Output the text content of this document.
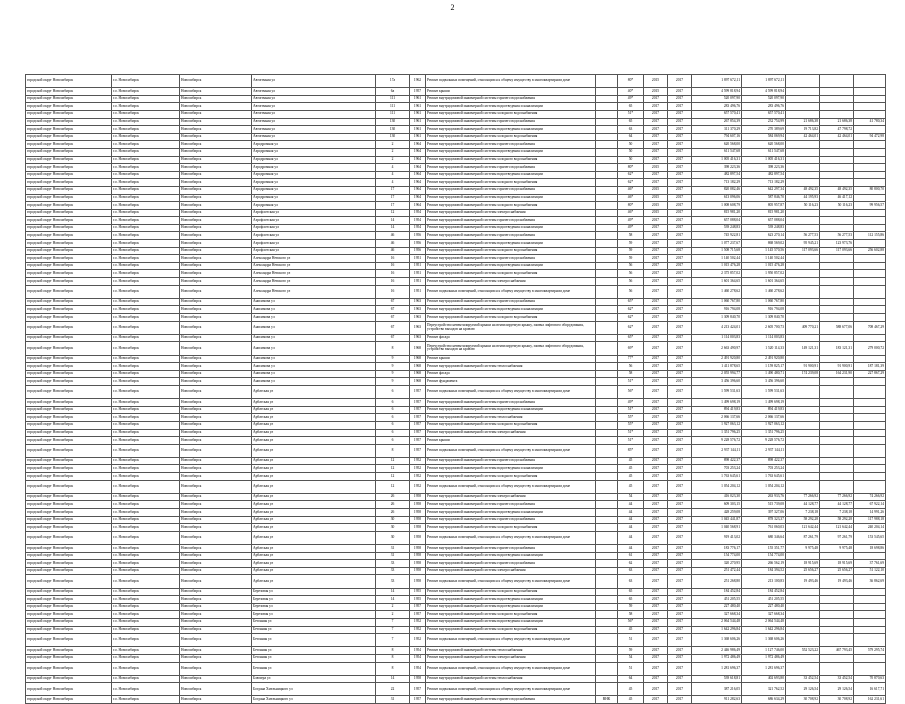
2
городской округ Новосибирск	г.о. Новосибирск	Новосибирск	Автогенная ул	17а	1962	Ремонт подвальных помещений, относящихся к общему имуществу в многоквартирном доме		80*	2015	2017	1 897 672,11	1 897 672,11			
городской округ Новосибирск	г.о. Новосибирск	Новосибирск	Автогенная ул	6а	1957	Ремонт крыши		40*	2015	2017	4 599 818,94	4 599 818,94			
городской округ Новосибирск	г.о. Новосибирск	Новосибирск	Автогенная ул	111	1961	Ремонт внутридомовой инженерной системы горячего водоснабжения		49*	2017	2017	520 097,90	520 097,90			
городской округ Новосибирск	г.о. Новосибирск	Новосибирск	Автогенная ул	111	1961	Ремонт внутридомовой инженерной системы водоотведения и канализации		65	2017	2017	283 496,76	283 496,76			
городской округ Новосибирск	г.о. Новосибирск	Новосибирск	Автогенная ул	111	1961	Ремонт внутридомовой инженерной системы холодного водоснабжения		51*	2017	2017	657 570,41	657 570,41			
городской округ Новосибирск	г.о. Новосибирск	Новосибирск	Автогенная ул	130	1961	Ремонт внутридомовой инженерной системы горячего водоснабжения		65	2017	2017	267 854,39	232 754,99	21 686,38	21 686,38	41 780,34
городской округ Новосибирск	г.о. Новосибирск	Новосибирск	Автогенная ул	130	1961	Ремонт внутридомовой инженерной системы водоотведения и канализации		63	2017	2017	311 370,29	270 389,69	19 713,82	47 798,72	
городской округ Новосибирск	г.о. Новосибирск	Новосибирск	Автогенная ул	130	1961	Ремонт внутридомовой инженерной системы холодного водоснабжения		64	2017	2017	794 607,16	584 069,94	42 464,01	42 464,01	94 472,98
городской округ Новосибирск	г.о. Новосибирск	Новосибирск	Аэродромная ул	2	1964	Ремонт внутридомовой инженерной системы горячего водоснабжения		50	2017	2017	620 568,00	620 568,00			
городской округ Новосибирск	г.о. Новосибирск	Новосибирск	Аэродромная ул	2	1964	Ремонт внутридомовой инженерной системы водоотведения и канализации		50	2017	2017	611 547,68	611 547,68			
городской округ Новосибирск	г.о. Новосибирск	Новосибирск	Аэродромная ул	2	1964	Ремонт внутридомовой инженерной системы холодного водоснабжения		50	2017	2017	1 005 416,31	1 005 416,31			
городской округ Новосибирск	г.о. Новосибирск	Новосибирск	Аэродромная ул	4	1964	Ремонт внутридомовой инженерной системы горячего водоснабжения		80*	2015	2017	398 223,36	398 223,36			
городской округ Новосибирск	г.о. Новосибирск	Новосибирск	Аэродромная ул	4	1964	Ремонт внутридомовой инженерной системы водоотведения и канализации		62*	2017	2017	482 897,54	482 897,54			
городской округ Новосибирск	г.о. Новосибирск	Новосибирск	Аэродромная ул	4	1964	Ремонт внутридомовой инженерной системы холодного водоснабжения		62*	2017	2017	713 182,29	713 182,29			
городской округ Новосибирск	г.о. Новосибирск	Новосибирск	Аэродромная ул	17	1964	Ремонт внутридомовой инженерной системы горячего водоснабжения		46*	2015	2017	820 082,46	642 297,34	48 492,35	48 492,35	80 800,70
городской округ Новосибирск	г.о. Новосибирск	Новосибирск	Аэродромная ул	17	1964	Ремонт внутридомовой инженерной системы водоотведения и канализации		46*	2015	2017	613 096,06	587 846,70	44 195,93	46 417,12	
городской округ Новосибирск	г.о. Новосибирск	Новосибирск	Аэродромная ул	17	1964	Ремонт внутридомовой инженерной системы холодного водоснабжения		80*	2015	2017	1 008 608,79	805 957,87	50 116,23	50 116,23	99 956,57
городской округ Новосибирск	г.о. Новосибирск	Новосибирск	Аэрофлотская ул	12	1954	Ремонт внутридомовой инженерной системы электроснабжения		46*	2015	2017	815 981,20	815 981,20			
городской округ Новосибирск	г.о. Новосибирск	Новосибирск	Аэрофлотская ул	14	1954	Ремонт внутридомовой инженерной системы горячего водоснабжения		49*	2017	2017	657 088,04	657 088,04			
городской округ Новосибирск	г.о. Новосибирск	Новосибирск	Аэрофлотская ул	14	1954	Ремонт внутридомовой инженерной системы водоотведения и канализации		49*	2017	2017	539 248,83	539 248,83			
городской округ Новосибирск	г.о. Новосибирск	Новосибирск	Аэрофлотская ул	46	1956	Ремонт внутридомовой инженерной системы горячего водоснабжения		58	2017	2017	745 922,81	623 270,14	56 277,53	56 277,53	112 155,86
городской округ Новосибирск	г.о. Новосибирск	Новосибирск	Аэрофлотская ул	46	1956	Ремонт внутридомовой инженерной системы водоотведения и канализации		59	2017	2017	1 077 237,67	868 569,02	95 945,21	123 973,76	
городской округ Новосибирск	г.о. Новосибирск	Новосибирск	Аэрофлотская ул	46	1956	Ремонт внутридомовой инженерной системы холодного водоснабжения		59	2017	2017	1 508 715,68	1 145 570,56	117 093,66	117 093,66	256 602,88
городской округ Новосибирск	г.о. Новосибирск	Новосибирск	Александра Невского ул	16	1951	Ремонт внутридомовой инженерной системы горячего водоснабжения		59	2017	2017	1 140 502,44	1 140 502,44			
городской округ Новосибирск	г.о. Новосибирск	Новосибирск	Александра Невского ул	16	1951	Ремонт внутридомовой инженерной системы водоотведения и канализации		56	2017	2017	1 015 476,28	1 015 476,28			
городской округ Новосибирск	г.о. Новосибирск	Новосибирск	Александра Невского ул	16	1951	Ремонт внутридомовой инженерной системы холодного водоснабжения		56	2017	2017	2 375 857,02	1 950 857,02			
городской округ Новосибирск	г.о. Новосибирск	Новосибирск	Александра Невского ул	16	1951	Ремонт внутридомовой инженерной системы электроснабжения		56	2017	2017	1 601 364,65	1 601 364,65			
городской округ Новосибирск	г.о. Новосибирск	Новосибирск	Александра Невского ул	16	1951	Ремонт подвальных помещений, относящихся к общему имуществу в многоквартирном доме		56	2017	2017	1 460 278,62	1 460 278,62			
городской округ Новосибирск	г.о. Новосибирск	Новосибирск	Анисимова ул	67	1963	Ремонт внутридомовой инженерной системы горячего водоснабжения		65*	2017	2017	1 060 767,80	1 060 767,80			
городской округ Новосибирск	г.о. Новосибирск	Новосибирск	Анисимова ул	67	1963	Ремонт внутридомовой инженерной системы водоотведения и канализации		62*	2017	2017	916 794,08	916 794,08			
городской округ Новосибирск	г.о. Новосибирск	Новосибирск	Анисимова ул	67	1963	Ремонт внутридомовой инженерной системы холодного водоснабжения		62*	2017	2017	1 309 840,70	1 309 840,70			
городской округ Новосибирск	г.о. Новосибирск	Новосибирск	Анисимова ул	67	1963	Переустройство невентилируемой крыши на вентилируемую крышу, замена лифтового оборудования, устройство выходов на кровлю		62*	2017	2017	4 213 424,01	2 605 700,73	409 770,21	588 677,06	708 467,29
городской округ Новосибирск	г.о. Новосибирск	Новосибирск	Анисимова ул	67	1963	Ремонт фасада		65*	2017	2017	1 114 003,83	1 114 003,83			
городской округ Новосибирск	г.о. Новосибирск	Новосибирск	Анисимова ул	8	1968	Переустройство невентилируемой крыши на вентилируемую крышу, замена лифтового оборудования, устройство выходов на кровлю		69*	2017	2017	2 663 490,97	1 520 114,33	149 121,31	183 121,31	279 000,72
городской округ Новосибирск	г.о. Новосибирск	Новосибирск	Анисимова ул	9	1968	Ремонт крыши		77*	2017	2017	2 491 920,80	2 491 920,80			
городской округ Новосибирск	г.о. Новосибирск	Новосибирск	Анисимова ул	9	1968	Ремонт внутридомовой инженерной системы теплоснабжения		56	2017	2017	1 411 878,65	1 159 825,17	91 900,91	91 900,91	187 181,39
городской округ Новосибирск	г.о. Новосибирск	Новосибирск	Анисимова ул	9	1968	Ремонт фасада		58	2017	2017	2 055 994,77	1 490 480,71	174 239,08	164 231,90	227 867,29
городской округ Новосибирск	г.о. Новосибирск	Новосибирск	Анисимова ул	9	1968	Ремонт фундамента		51*	2017	2017	3 456 396,60	3 456 396,60			
городской округ Новосибирск	г.о. Новосибирск	Новосибирск	Арбатская ул	6	1957	Ремонт подвальных помещений, относящихся к общему имуществу в многоквартирном доме		56*	2017	2017	1 599 531,63	1 599 531,63			
городской округ Новосибирск	г.о. Новосибирск	Новосибирск	Арбатская ул	6	1957	Ремонт внутридомовой инженерной системы горячего водоснабжения		49*	2017	2017	1 499 698,19	1 499 698,19			
городской округ Новосибирск	г.о. Новосибирск	Новосибирск	Арбатская ул	6	1957	Ремонт внутридомовой инженерной системы водоотведения и канализации		51*	2017	2017	894 419,83	894 419,83			
городской округ Новосибирск	г.о. Новосибирск	Новосибирск	Арбатская ул	6	1957	Ремонт внутридомовой инженерной системы теплоснабжения		55*	2017	2017	2 066 137,66	2 066 137,66			
городской округ Новосибирск	г.о. Новосибирск	Новосибирск	Арбатская ул	6	1957	Ремонт внутридомовой инженерной системы холодного водоснабжения		55*	2017	2017	1 927 063,12	1 927 063,12			
городской округ Новосибирск	г.о. Новосибирск	Новосибирск	Арбатская ул	6	1957	Ремонт внутридомовой инженерной системы электроснабжения		51*	2017	2017	1 351 796,25	1 351 796,25			
городской округ Новосибирск	г.о. Новосибирск	Новосибирск	Арбатская ул	6	1957	Ремонт крыши		51*	2017	2017	9 228 576,72	9 228 576,72			
городской округ Новосибирск	г.о. Новосибирск	Новосибирск	Арбатская ул	8	1957	Ремонт подвальных помещений, относящихся к общему имуществу в многоквартирном доме		85*	2017	2017	2 937 144,11	2 937 144,11			
городской округ Новосибирск	г.о. Новосибирск	Новосибирск	Арбатская ул	12	1952	Ремонт внутридомовой инженерной системы горячего водоснабжения		45	2017	2017	898 422,37	898 422,37			
городской округ Новосибирск	г.о. Новосибирск	Новосибирск	Арбатская ул	12	1952	Ремонт внутридомовой инженерной системы водоотведения и канализации		45	2017	2017	703 253,24	703 253,24			
городской округ Новосибирск	г.о. Новосибирск	Новосибирск	Арбатская ул	12	1952	Ремонт внутридомовой инженерной системы холодного водоснабжения		45	2017	2017	1 763 645,61	1 763 645,61			
городской округ Новосибирск	г.о. Новосибирск	Новосибирск	Арбатская ул	12	1952	Ремонт подвальных помещений, относящихся к общему имуществу в многоквартирном доме		45	2017	2017	1 054 204,12	1 054 204,12			
городской округ Новосибирск	г.о. Новосибирск	Новосибирск	Арбатская ул	26	1958	Ремонт внутридомовой инженерной системы электроснабжения		54	2017	2017	416 023,30	263 933,76	77 266,92	77 266,92	74 266,92
городской округ Новосибирск	г.о. Новосибирск	Новосибирск	Арбатская ул	26	1958	Ремонт внутридомовой инженерной системы горячего водоснабжения		44	2017	2017	609 303,15	515 739,08	44 128,77	44 128,77	67 922,14
городской округ Новосибирск	г.о. Новосибирск	Новосибирск	Арбатская ул	26	1958	Ремонт внутридомовой инженерной системы водоотведения и канализации		44	2017	2017	428 259,08	397 327,06	7 238,18	7 238,18	14 991,26
городской округ Новосибирск	г.о. Новосибирск	Новосибирск	Арбатская ул	30	1958	Ремонт внутридомовой инженерной системы горячего водоснабжения		44	2017	2017	1 045 441,87	878 323,37	58 292,28	58 292,28	117 988,18
городской округ Новосибирск	г.о. Новосибирск	Новосибирск	Арбатская ул	30	1958	Ремонт внутридомовой инженерной системы холодного водоснабжения		44	2017	2017	1 040 568,91	761 060,03	121 642,44	121 642,44	240 204,14
городской округ Новосибирск	г.о. Новосибирск	Новосибирск	Арбатская ул	30	1958	Ремонт подвальных помещений, относящихся к общему имуществу в многоквартирном доме		44	2017	2017	919 413,02	680 346,64	87 261,79	97 261,79	153 545,65
городской округ Новосибирск	г.о. Новосибирск	Новосибирск	Арбатская ул	31	1958	Ремонт внутридомовой инженерной системы горячего водоснабжения		44	2017	2017	183 776,17	155 351,77	9 975,48	9 975,48	18 698,86
городской округ Новосибирск	г.о. Новосибирск	Новосибирск	Арбатская ул	31	1958	Ремонт внутридомовой инженерной системы водоотведения и канализации		61	2017	2017	154 774,00	154 774,00			
городской округ Новосибирск	г.о. Новосибирск	Новосибирск	Арбатская ул	33	1958	Ремонт внутридомовой инженерной системы горячего водоснабжения		62	2017	2017	320 270,95	266 562,19	18 915,69	18 915,69	37 761,69
городской округ Новосибирск	г.о. Новосибирск	Новосибирск	Арбатская ул	33	1958	Ремонт внутридомовой инженерной системы электроснабжения		63	2017	2017	251 472,44	184 394,52	25 656,27	25 656,27	51 122,10
городской округ Новосибирск	г.о. Новосибирск	Новосибирск	Арбатская ул	33	1958	Ремонт подвальных помещений, относящихся к общему имуществу в многоквартирном доме		63	2017	2017	251 268,80	213 100,83	19 493,46	19 493,46	36 862,69
городской округ Новосибирск	г.о. Новосибирск	Новосибирск	Березовая ул	14	1955	Ремонт внутридомовой инженерной системы холодного водоснабжения		65	2017	2017	184 452,84	184 452,84			
городской округ Новосибирск	г.о. Новосибирск	Новосибирск	Березовая ул	14	1955	Ремонт внутридомовой инженерной системы водоотведения и канализации		65	2017	2017	451 205,55	451 205,55			
городской округ Новосибирск	г.о. Новосибирск	Новосибирск	Березовая ул	2	1957	Ремонт внутридомовой инженерной системы водоотведения и канализации		59	2017	2017	227 480,40	227 480,40			
городской округ Новосибирск	г.о. Новосибирск	Новосибирск	Березовая ул	2	1957	Ремонт внутридомовой инженерной системы холодного водоснабжения		58	2017	2017	327 668,34	327 668,34			
городской округ Новосибирск	г.о. Новосибирск	Новосибирск	Бетонная ул	7	1952	Ремонт внутридомовой инженерной системы водоотведения и канализации		56*	2017	2017	2 064 544,48	2 064 544,48			
городской округ Новосибирск	г.о. Новосибирск	Новосибирск	Бетонная ул	7	1952	Ремонт внутридомовой инженерной системы холодного водоснабжения		45	2017	2017	1 642 296,84	1 642 296,84			
городской округ Новосибирск	г.о. Новосибирск	Новосибирск	Бетонная ул	7	1952	Ремонт подвальных помещений, относящихся к общему имуществу в многоквартирном доме		51	2017	2017	1 368 606,26	1 368 606,26			
городской округ Новосибирск	г.о. Новосибирск	Новосибирск	Бетонная ул	8	1954	Ремонт внутридомовой инженерной системы теплоснабжения		59	2017	2017	2 446 986,49	1 127 746,00	552 523,22	467 793,45	579 295,74
городской округ Новосибирск	г.о. Новосибирск	Новосибирск	Бетонная ул	8	1954	Ремонт внутридомовой инженерной системы электроснабжения		54	2017	2017	1 972 486,49	1 972 486,49			
городской округ Новосибирск	г.о. Новосибирск	Новосибирск	Бетонная ул	8	1954	Ремонт подвальных помещений, относящихся к общему имуществу в многоквартирном доме		51	2017	2017	1 281 696,37	1 281 696,37			
городской округ Новосибирск	г.о. Новосибирск	Новосибирск	Блюхера ул	14	1958	Ремонт внутридомовой инженерной системы теплоснабжения		64	2017	2017	539 618,81	402 693,80	33 452,54	33 452,54	70 870,63
городской округ Новосибирск	г.о. Новосибирск	Новосибирск	Богдана Хмельницкого ул	22	1957	Ремонт подвальных помещений, относящихся к общему имуществу в многоквартирном доме		45	2017	2017	387 216,05	321 762,52	29 126,54	29 126,54	16 617,71
городской округ Новосибирск	г.о. Новосибирск	Новосибирск	Богдана Хмельницкого ул	31	1957	Ремонт внутридомовой инженерной системы горячего водоснабжения	ВНК	45	2017	2017	911 282,63	686 634,29	30 708,92	30 708,92	162 231,61
